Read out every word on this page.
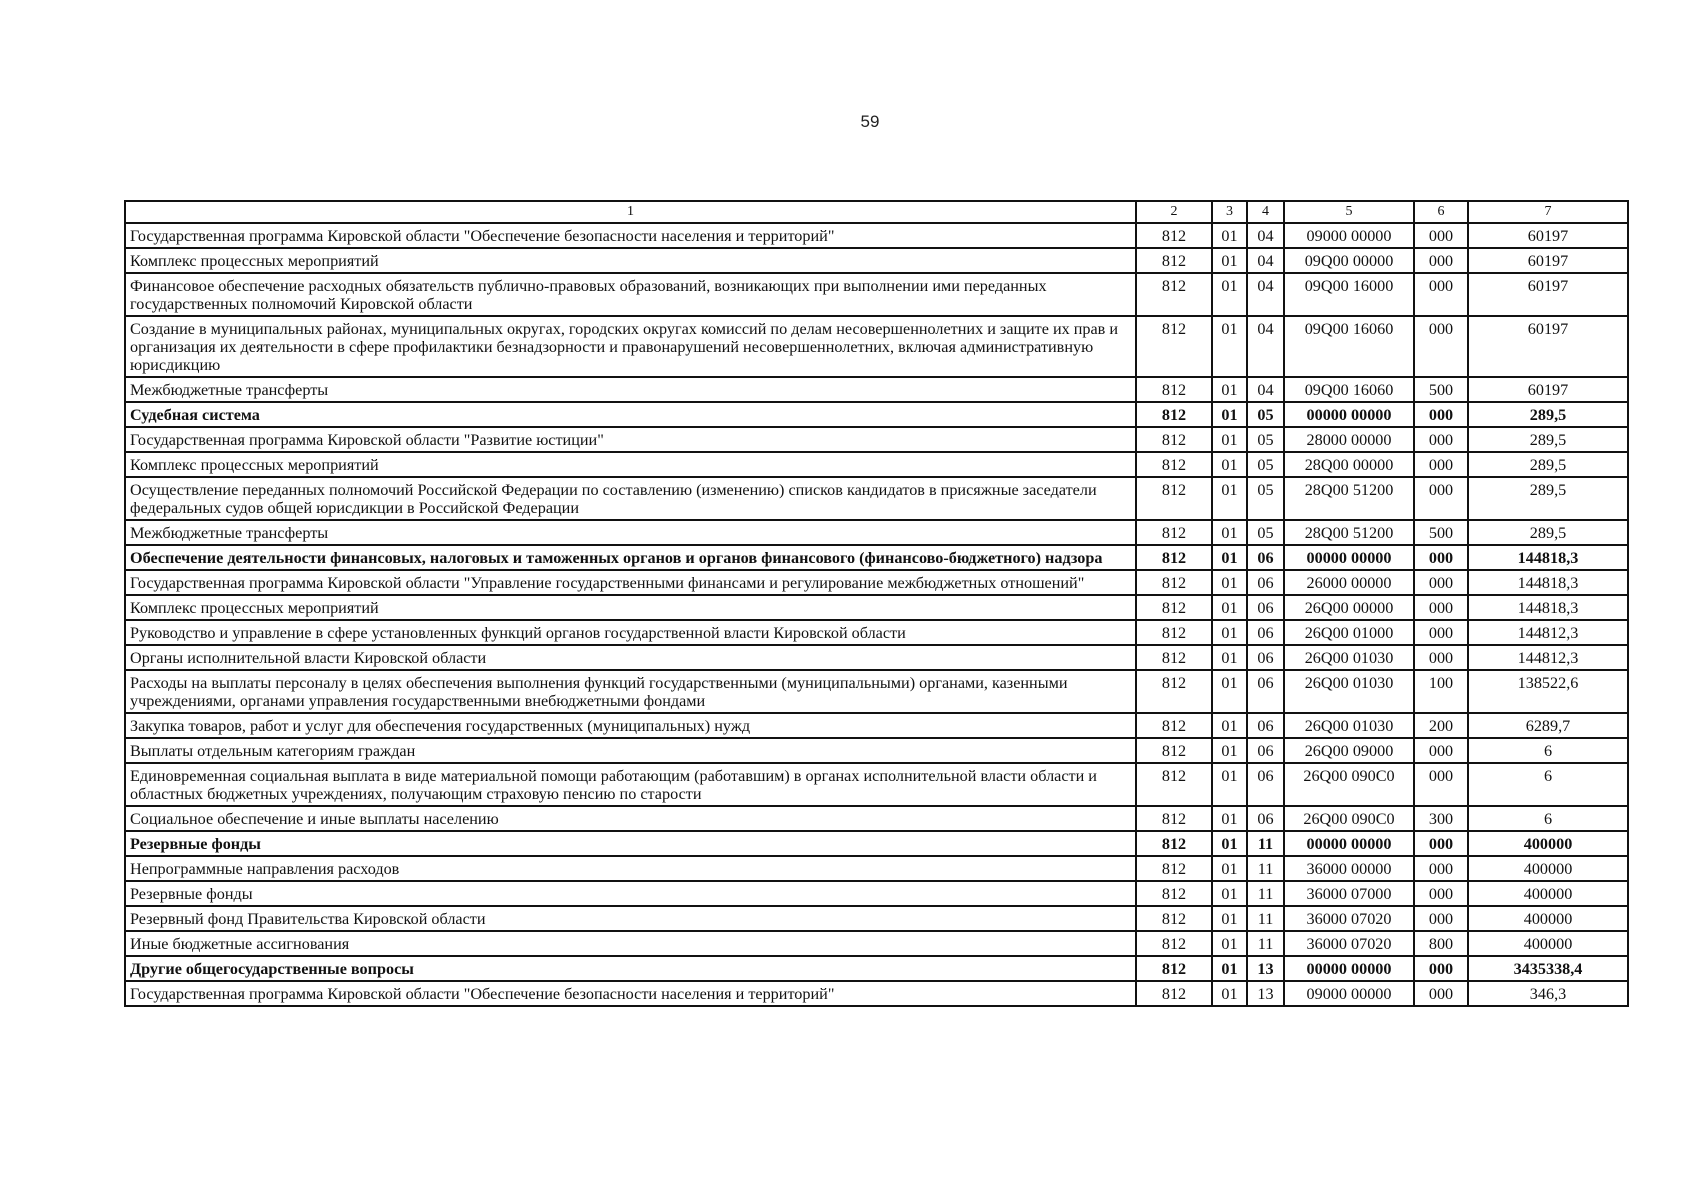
59
1	2	3	4	5	6	7
Государственная программа Кировской области "Обеспечение безопасности населения и территорий"	812	01	04	09000 00000	000	60197
Комплекс процессных мероприятий	812	01	04	09Q00 00000	000	60197
Финансовое обеспечение расходных обязательств публично-правовых образований, возникающих при выполнении ими переданных государственных полномочий Кировской области	812	01	04	09Q00 16000	000	60197
Создание в муниципальных районах, муниципальных округах, городских округах комиссий по делам несовершеннолетних и защите их прав и организация их деятельности в сфере профилактики безнадзорности и правонарушений несовершеннолетних, включая административную юрисдикцию	812	01	04	09Q00 16060	000	60197
Межбюджетные трансферты	812	01	04	09Q00 16060	500	60197
Судебная система	812	01	05	00000 00000	000	289,5
Государственная программа Кировской области "Развитие юстиции"	812	01	05	28000 00000	000	289,5
Комплекс процессных мероприятий	812	01	05	28Q00 00000	000	289,5
Осуществление переданных полномочий Российской Федерации по составлению (изменению) списков кандидатов в присяжные заседатели федеральных судов общей юрисдикции в Российской Федерации	812	01	05	28Q00 51200	000	289,5
Межбюджетные трансферты	812	01	05	28Q00 51200	500	289,5
Обеспечение деятельности финансовых, налоговых и таможенных органов и органов финансового (финансово-бюджетного) надзора	812	01	06	00000 00000	000	144818,3
Государственная программа Кировской области "Управление государственными финансами и регулирование межбюджетных отношений"	812	01	06	26000 00000	000	144818,3
Комплекс процессных мероприятий	812	01	06	26Q00 00000	000	144818,3
Руководство и управление в сфере установленных функций органов государственной власти Кировской области	812	01	06	26Q00 01000	000	144812,3
Органы исполнительной власти Кировской области	812	01	06	26Q00 01030	000	144812,3
Расходы на выплаты персоналу в целях обеспечения выполнения функций государственными (муниципальными) органами, казенными учреждениями, органами управления государственными внебюджетными фондами	812	01	06	26Q00 01030	100	138522,6
Закупка товаров, работ и услуг для обеспечения государственных (муниципальных) нужд	812	01	06	26Q00 01030	200	6289,7
Выплаты отдельным категориям граждан	812	01	06	26Q00 09000	000	6
Единовременная социальная выплата в виде материальной помощи работающим (работавшим) в органах исполнительной власти области и областных бюджетных учреждениях, получающим страховую пенсию по старости	812	01	06	26Q00 090C0	000	6
Социальное обеспечение и иные выплаты населению	812	01	06	26Q00 090C0	300	6
Резервные фонды	812	01	11	00000 00000	000	400000
Непрограммные направления расходов	812	01	11	36000 00000	000	400000
Резервные фонды	812	01	11	36000 07000	000	400000
Резервный фонд Правительства Кировской области	812	01	11	36000 07020	000	400000
Иные бюджетные ассигнования	812	01	11	36000 07020	800	400000
Другие общегосударственные вопросы	812	01	13	00000 00000	000	3435338,4
Государственная программа Кировской области "Обеспечение безопасности населения и территорий"	812	01	13	09000 00000	000	346,3
